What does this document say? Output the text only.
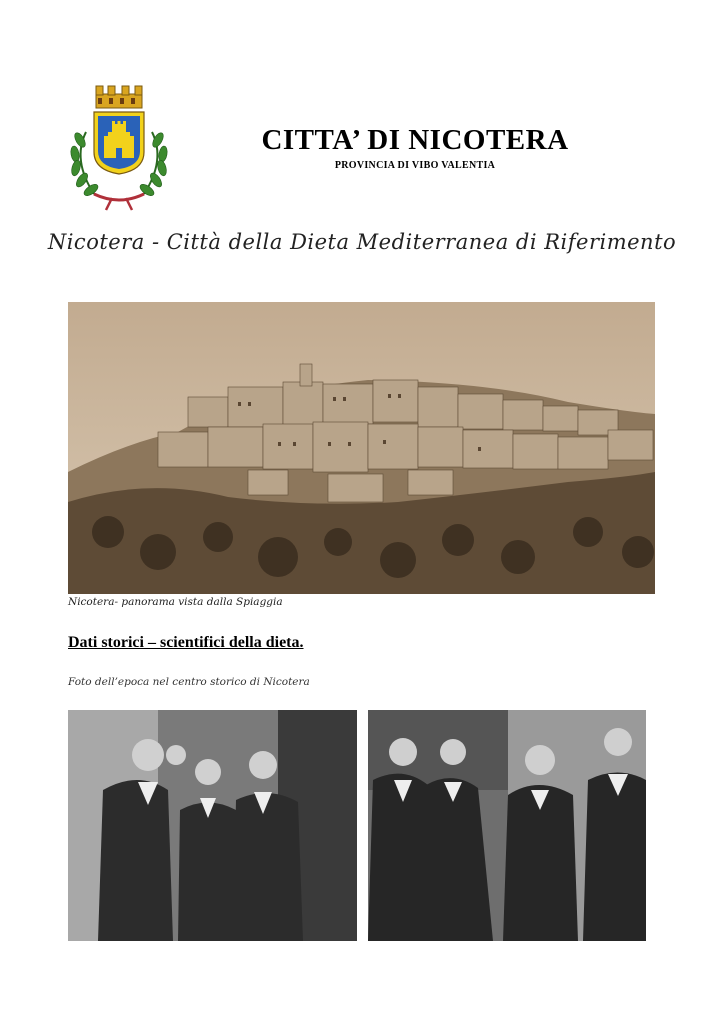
CITTA’ DI NICOTERA
PROVINCIA DI VIBO VALENTIA
Nicotera - Città della Dieta Mediterranea di Riferimento
Nicotera- panorama vista dalla Spiaggia
Dati storici – scientifici della dieta.
Foto dell’epoca nel centro storico di Nicotera
